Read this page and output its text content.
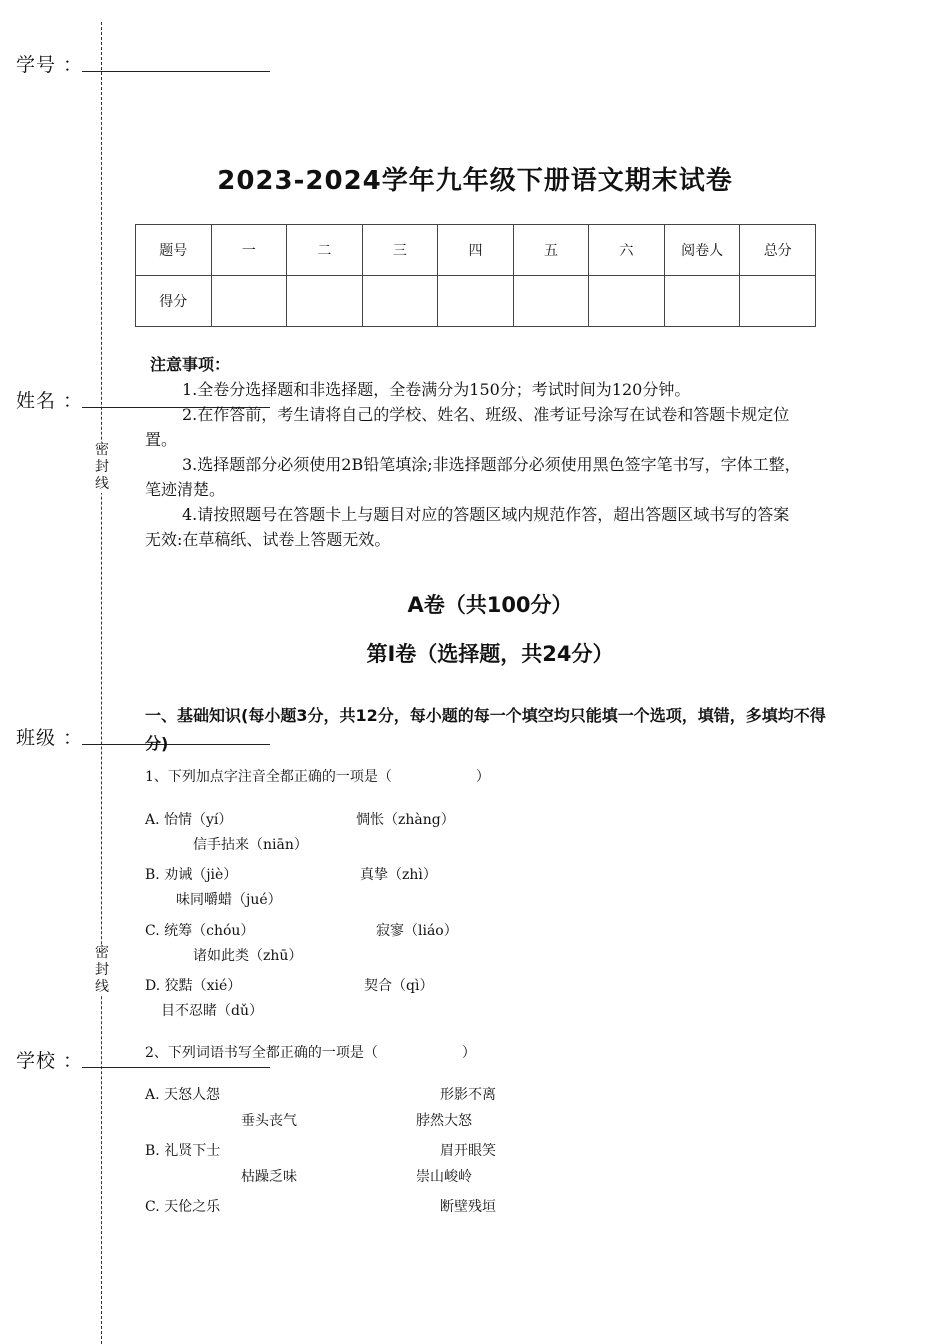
学号 ：
姓名 ：
班级 ：
学校 ：
密
封
线
密
封
线
2023-2024学年九年级下册语文期末试卷
题号	一	二	三	四	五	六	阅卷人	总分
得分								
注意事项：

1.全卷分选择题和非选择题，全卷满分为150分；考试时间为120分钟。

2.在作答前，考生请将自己的学校、姓名、班级、准考证号涂写在试卷和答题卡规定位置。

3.选择题部分必须使用2B铅笔填涂;非选择题部分必须使用黑色签字笔书写，字体工整，笔迹清楚。

4.请按照题号在答题卡上与题目对应的答题区域内规范作答，超出答题区域书写的答案无效:在草稿纸、试卷上答题无效。

A卷（共100分）
第Ⅰ卷（选择题，共24分）
一、基础知识(每小题3分，共12分，每小题的每一个填空均只能填一个选项，填错，多填均不得分)
1、下列加点字注音全都正确的一项是（　　　　　　）
A. 怡情（yí）	惆怅（zhàng）
信手拈来（niān）
B. 劝诫（jiè）	真挚（zhì）
味同嚼蜡（jué）
C. 统筹（chóu）	寂寥（liáo）
诸如此类（zhū）
D. 狡黠（xié）	契合（qì）
目不忍睹（dǔ）
2、下列词语书写全都正确的一项是（　　　　　　）
A. 天怒人怨	形影不离
垂头丧气	脖然大怒
B. 礼贤下士	眉开眼笑
枯躁乏味	崇山峻岭
C. 天伦之乐	断壁残垣
